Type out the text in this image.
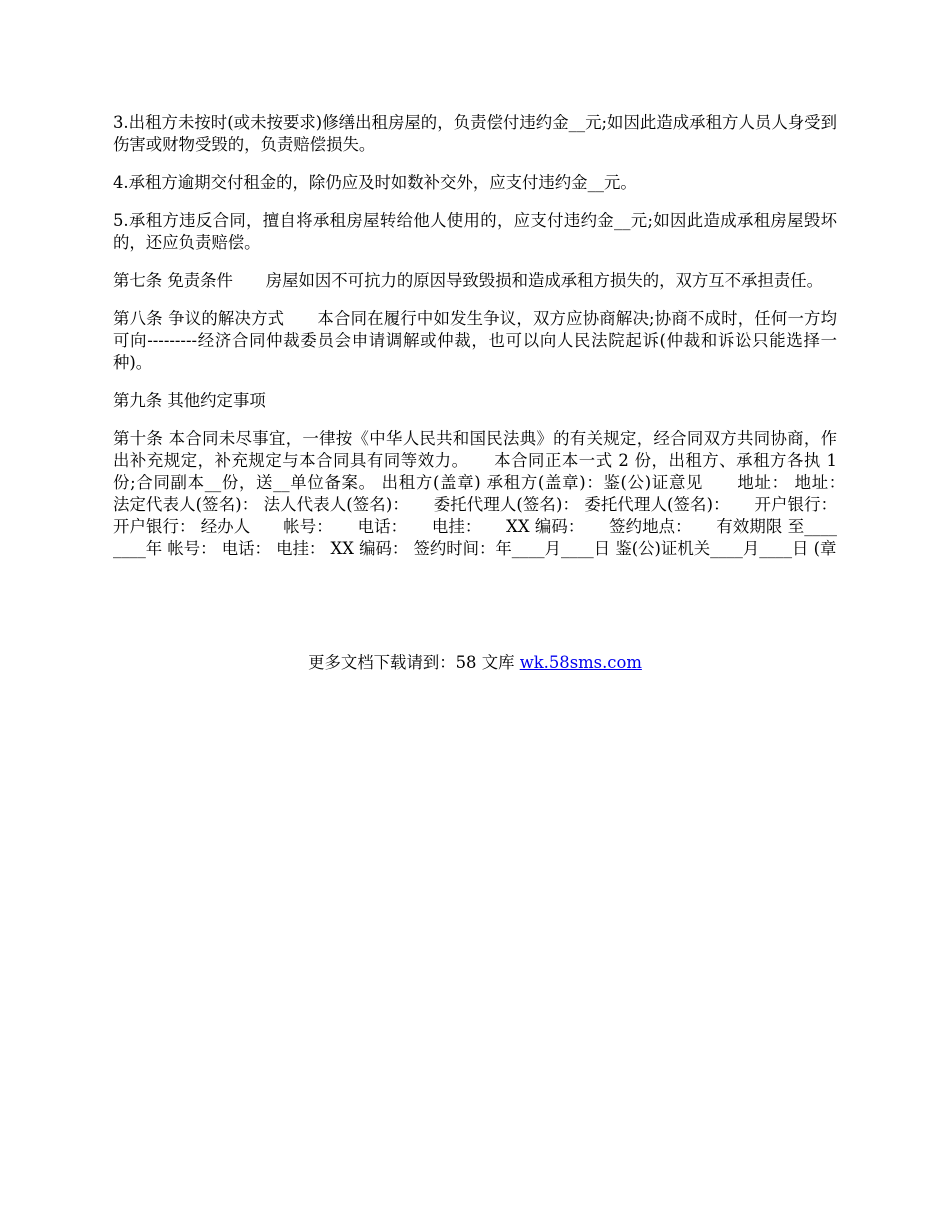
3.出租方未按时(或未按要求)修缮出租房屋的，负责偿付违约金__元;如因此造成承租方人员人身受到伤害或财物受毁的，负责赔偿损失。

4.承租方逾期交付租金的，除仍应及时如数补交外，应支付违约金__元。

5.承租方违反合同，擅自将承租房屋转给他人使用的，应支付违约金__元;如因此造成承租房屋毁坏的，还应负责赔偿。

第七条 免责条件　　房屋如因不可抗力的原因导致毁损和造成承租方损失的，双方互不承担责任。

第八条 争议的解决方式　　本合同在履行中如发生争议，双方应协商解决;协商不成时，任何一方均可向---------经济合同仲裁委员会申请调解或仲裁，也可以向人民法院起诉(仲裁和诉讼只能选择一种)。

第九条 其他约定事项

第十条 本合同未尽事宜，一律按《中华人民共和国民法典》的有关规定，经合同双方共同协商，作出补充规定，补充规定与本合同具有同等效力。　　本合同正本一式 2 份，出租方、承租方各执 1 份;合同副本__份，送__单位备案。 出租方(盖章) 承租方(盖章)：鉴(公)证意见　　地址： 地址：　　法定代表人(签名)： 法人代表人(签名)：　　委托代理人(签名)： 委托代理人(签名)：　　开户银行： 开户银行： 经办人　　帐号：　　电话：　　电挂：　　XX 编码：　　签约地点：　　有效期限 至________年 帐号： 电话： 电挂： XX 编码： 签约时间：年____月____日 鉴(公)证机关____月____日 (章

更多文档下载请到：58 文库 wk.58sms.com
